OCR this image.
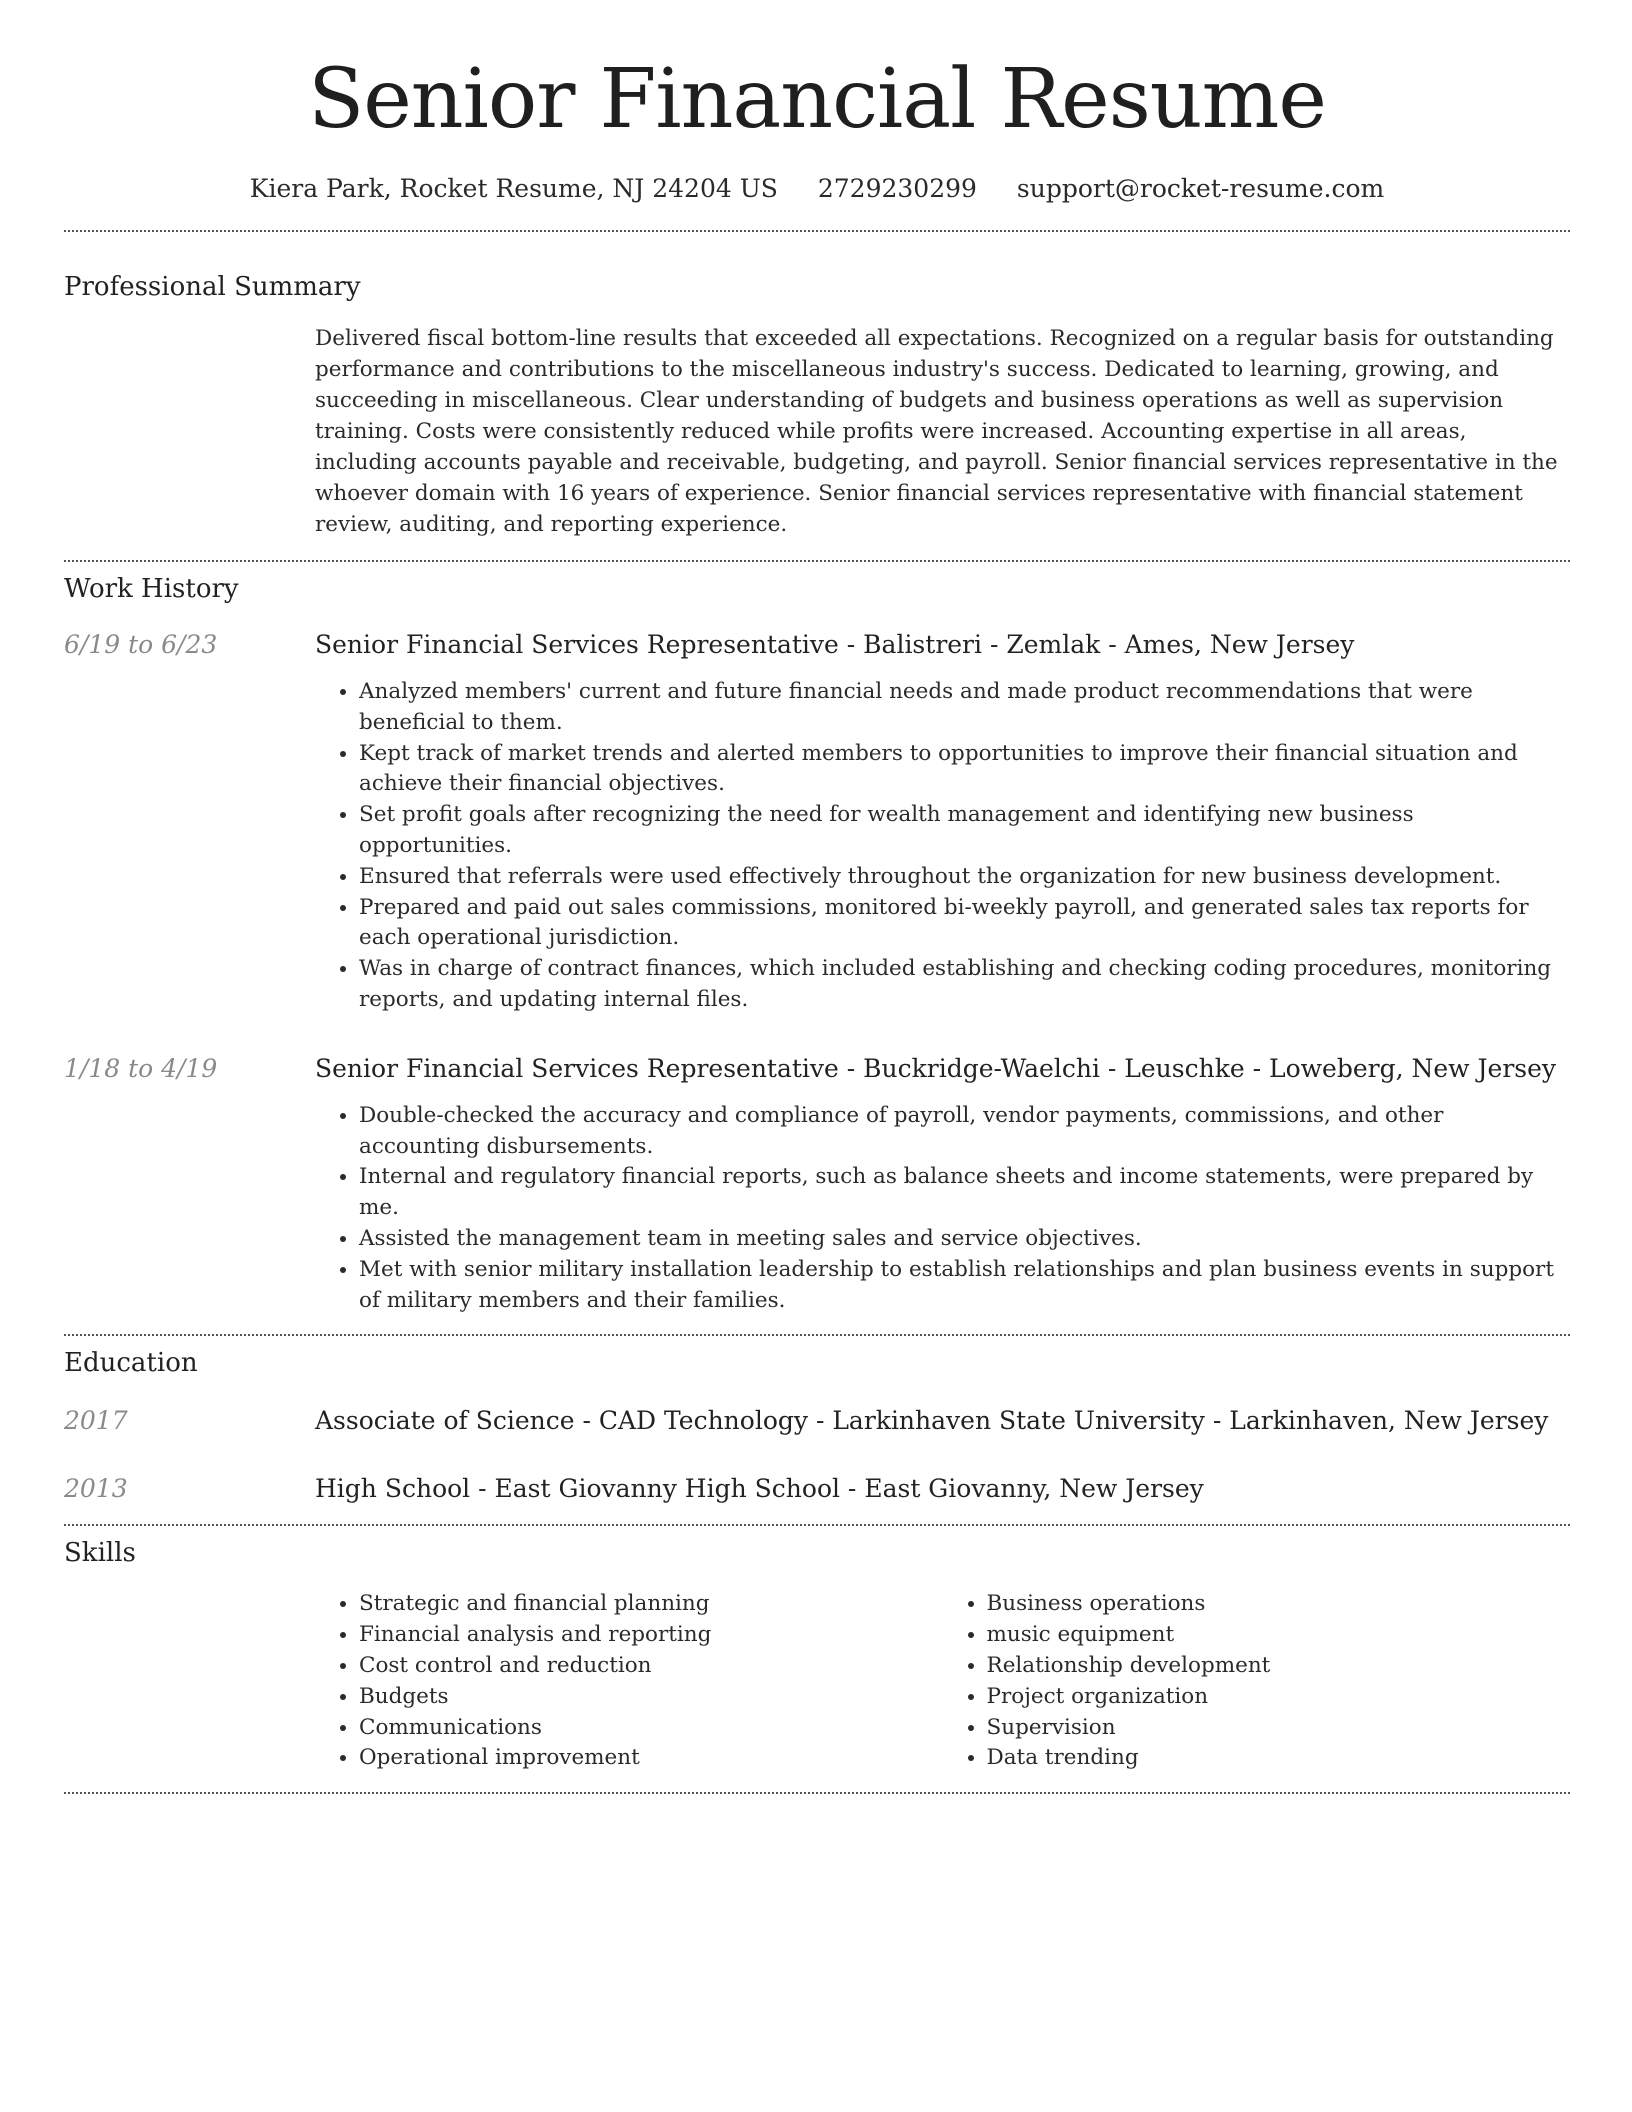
Senior Financial Resume
Kiera Park, Rocket Resume, NJ 24204 US 2729230299 support@rocket-resume.com
Professional Summary
Delivered fiscal bottom-line results that exceeded all expectations. Recognized on a regular basis for outstanding performance and contributions to the miscellaneous industry's success. Dedicated to learning, growing, and succeeding in miscellaneous. Clear understanding of budgets and business operations as well as supervision training. Costs were consistently reduced while profits were increased. Accounting expertise in all areas, including accounts payable and receivable, budgeting, and payroll. Senior financial services representative in the whoever domain with 16 years of experience. Senior financial services representative with financial statement review, auditing, and reporting experience.
Work History
6/19 to 6/23	Senior Financial Services Representative - Balistreri - Zemlak - Ames, New Jersey
• Analyzed members' current and future financial needs and made product recommendations that were beneficial to them.
• Kept track of market trends and alerted members to opportunities to improve their financial situation and achieve their financial objectives.
• Set profit goals after recognizing the need for wealth management and identifying new business opportunities.
• Ensured that referrals were used effectively throughout the organization for new business development.
• Prepared and paid out sales commissions, monitored bi-weekly payroll, and generated sales tax reports for each operational jurisdiction.
• Was in charge of contract finances, which included establishing and checking coding procedures, monitoring reports, and updating internal files.
1/18 to 4/19	Senior Financial Services Representative - Buckridge-Waelchi - Leuschke - Loweberg, New Jersey
• Double-checked the accuracy and compliance of payroll, vendor payments, commissions, and other accounting disbursements.
• Internal and regulatory financial reports, such as balance sheets and income statements, were prepared by me.
• Assisted the management team in meeting sales and service objectives.
• Met with senior military installation leadership to establish relationships and plan business events in support of military members and their families.
Education
2017	Associate of Science - CAD Technology - Larkinhaven State University - Larkinhaven, New Jersey
2013	High School - East Giovanny High School - East Giovanny, New Jersey
Skills
• Strategic and financial planning
• Financial analysis and reporting
• Cost control and reduction
• Budgets
• Communications
• Operational improvement
• Business operations
• music equipment
• Relationship development
• Project organization
• Supervision
• Data trending
